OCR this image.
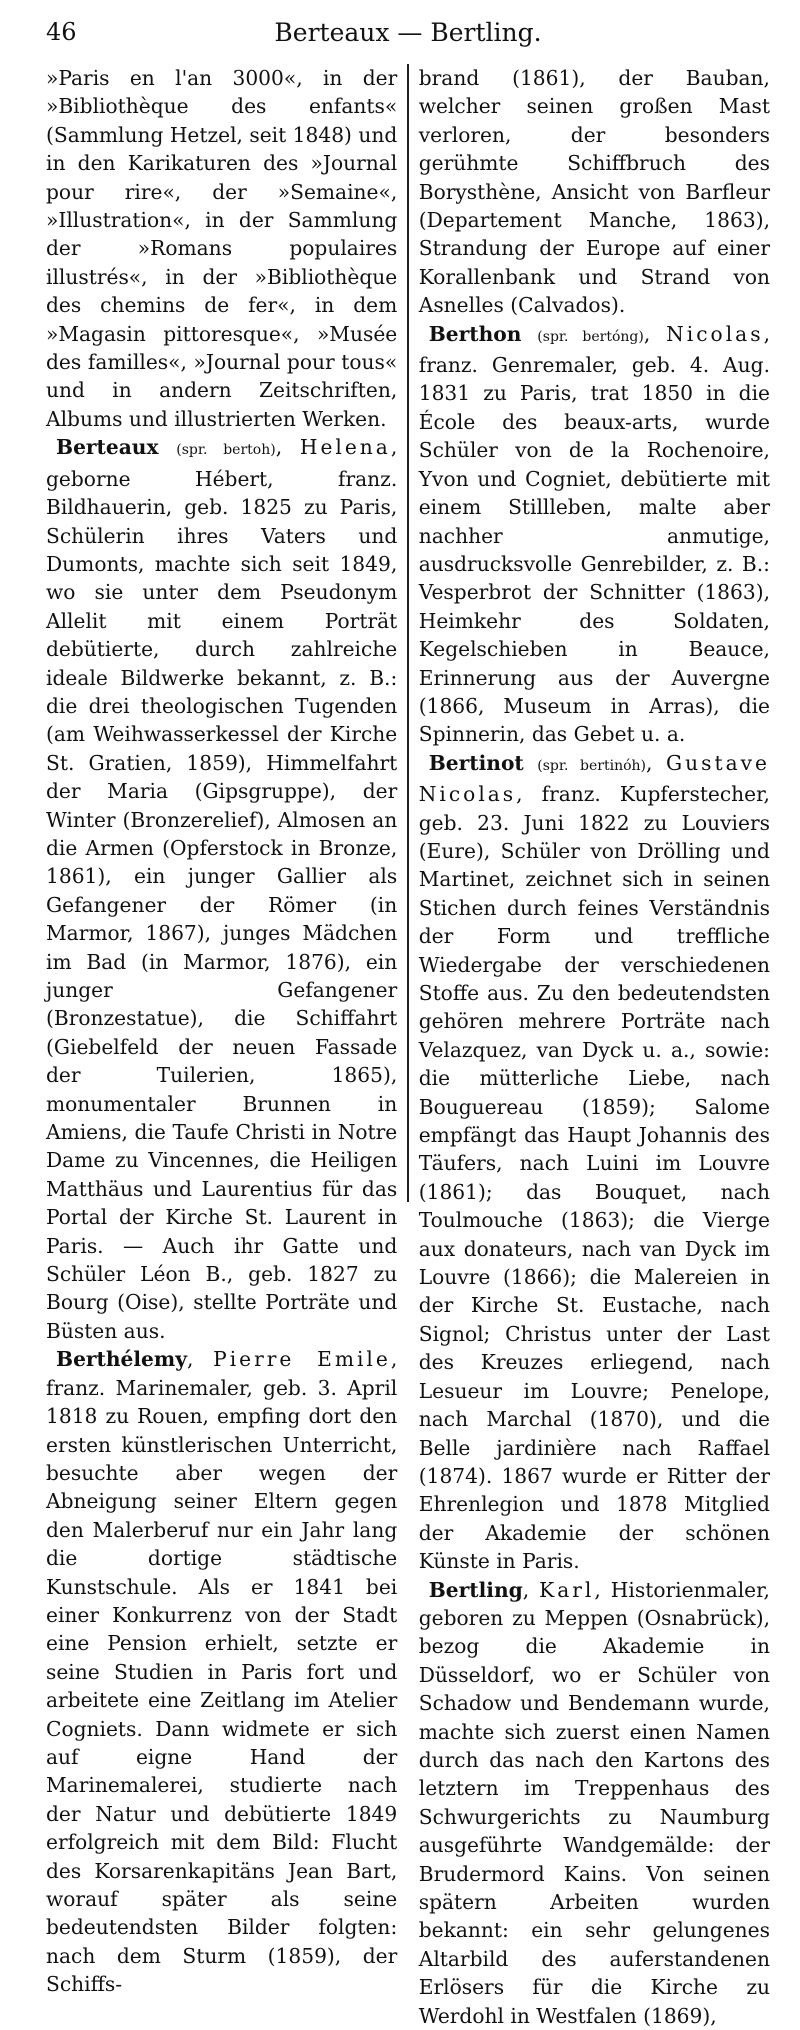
46	Berteaux — Bertling.

»Paris en l'an 3000«, in der »Bibliothèque des enfants« (Sammlung Hetzel, seit 1848) und in den Karikaturen des »Journal pour rire«, der »Semaine«, »Illustration«, in der Sammlung der »Romans populaires illustrés«, in der »Bibliothèque des chemins de fer«, in dem »Magasin pittoresque«, »Musée des familles«, »Journal pour tous« und in andern Zeitschriften, Albums und illustrierten Werken.

Berteaux (spr. bertoh), Helena, geborne Hébert, franz. Bildhauerin, geb. 1825 zu Paris, Schülerin ihres Vaters und Dumonts, machte sich seit 1849, wo sie unter dem Pseudonym Allelit mit einem Porträt debütierte, durch zahlreiche ideale Bildwerke bekannt, z. B.: die drei theologischen Tugenden (am Weihwasserkessel der Kirche St. Gratien, 1859), Himmelfahrt der Maria (Gipsgruppe), der Winter (Bronzerelief), Almosen an die Armen (Opferstock in Bronze, 1861), ein junger Gallier als Gefangener der Römer (in Marmor, 1867), junges Mädchen im Bad (in Marmor, 1876), ein junger Gefangener (Bronzestatue), die Schiffahrt (Giebelfeld der neuen Fassade der Tuilerien, 1865), monumentaler Brunnen in Amiens, die Taufe Christi in Notre Dame zu Vincennes, die Heiligen Matthäus und Laurentius für das Portal der Kirche St. Laurent in Paris. — Auch ihr Gatte und Schüler Léon B., geb. 1827 zu Bourg (Oise), stellte Porträte und Büsten aus.

Berthélemy, Pierre Emile, franz. Marinemaler, geb. 3. April 1818 zu Rouen, empfing dort den ersten künstlerischen Unterricht, besuchte aber wegen der Abneigung seiner Eltern gegen den Malerberuf nur ein Jahr lang die dortige städtische Kunstschule. Als er 1841 bei einer Konkurrenz von der Stadt eine Pension erhielt, setzte er seine Studien in Paris fort und arbeitete eine Zeitlang im Atelier Cogniets. Dann widmete er sich auf eigne Hand der Marinemalerei, studierte nach der Natur und debütierte 1849 erfolgreich mit dem Bild: Flucht des Korsarenkapitäns Jean Bart, worauf später als seine bedeutendsten Bilder folgten: nach dem Sturm (1859), der Schiffs-

brand (1861), der Bauban, welcher seinen großen Mast verloren, der besonders gerühmte Schiffbruch des Borysthène, Ansicht von Barfleur (Departement Manche, 1863), Strandung der Europe auf einer Korallenbank und Strand von Asnelles (Calvados).

Berthon (spr. bertóng), Nicolas, franz. Genremaler, geb. 4. Aug. 1831 zu Paris, trat 1850 in die École des beaux-arts, wurde Schüler von de la Rochenoire, Yvon und Cogniet, debütierte mit einem Stillleben, malte aber nachher anmutige, ausdrucksvolle Genrebilder, z. B.: Vesperbrot der Schnitter (1863), Heimkehr des Soldaten, Kegelschieben in Beauce, Erinnerung aus der Auvergne (1866, Museum in Arras), die Spinnerin, das Gebet u. a.

Bertinot (spr. bertinóh), Gustave Nicolas, franz. Kupferstecher, geb. 23. Juni 1822 zu Louviers (Eure), Schüler von Drölling und Martinet, zeichnet sich in seinen Stichen durch feines Verständnis der Form und treffliche Wiedergabe der verschiedenen Stoffe aus. Zu den bedeutendsten gehören mehrere Porträte nach Velazquez, van Dyck u. a., sowie: die mütterliche Liebe, nach Bouguereau (1859); Salome empfängt das Haupt Johannis des Täufers, nach Luini im Louvre (1861); das Bouquet, nach Toulmouche (1863); die Vierge aux donateurs, nach van Dyck im Louvre (1866); die Malereien in der Kirche St. Eustache, nach Signol; Christus unter der Last des Kreuzes erliegend, nach Lesueur im Louvre; Penelope, nach Marchal (1870), und die Belle jardinière nach Raffael (1874). 1867 wurde er Ritter der Ehrenlegion und 1878 Mitglied der Akademie der schönen Künste in Paris.

Bertling, Karl, Historienmaler, geboren zu Meppen (Osnabrück), bezog die Akademie in Düsseldorf, wo er Schüler von Schadow und Bendemann wurde, machte sich zuerst einen Namen durch das nach den Kartons des letztern im Treppenhaus des Schwurgerichts zu Naumburg ausgeführte Wandgemälde: der Brudermord Kains. Von seinen spätern Arbeiten wurden bekannt: ein sehr gelungenes Altarbild des auferstandenen Erlösers für die Kirche zu Werdohl in Westfalen (1869),
